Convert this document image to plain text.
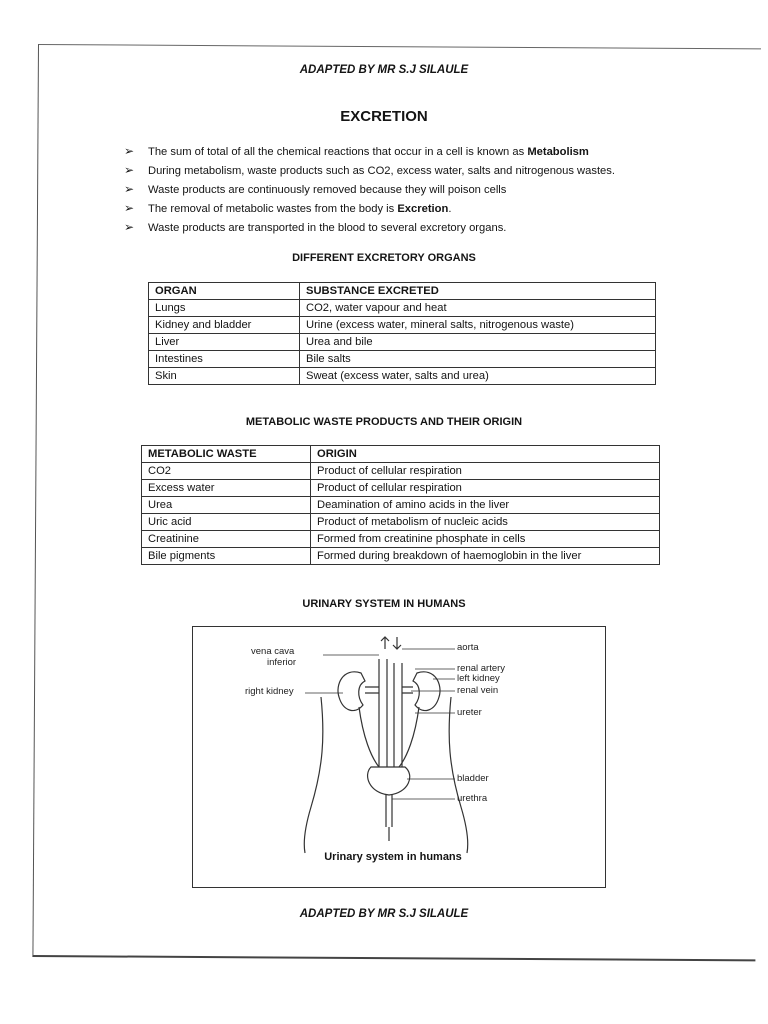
ADAPTED BY MR S.J SILAULE
EXCRETION
➢ The sum of total of all the chemical reactions that occur in a cell is known as Metabolism
➢ During metabolism, waste products such as CO2, excess water, salts and nitrogenous wastes.
➢ Waste products are continuously removed because they will poison cells
➢ The removal of metabolic wastes from the body is Excretion.
➢ Waste products are transported in the blood to several excretory organs.
DIFFERENT EXCRETORY ORGANS
ORGAN	SUBSTANCE EXCRETED
Lungs	CO2, water vapour and heat
Kidney and bladder	Urine (excess water, mineral salts, nitrogenous waste)
Liver	Urea and bile
Intestines	Bile salts
Skin	Sweat (excess water, salts and urea)
METABOLIC WASTE PRODUCTS AND THEIR ORIGIN
METABOLIC WASTE	ORIGIN
CO2	Product of cellular respiration
Excess water	Product of cellular respiration
Urea	Deamination of amino acids in the liver
Uric acid	Product of metabolism of nucleic acids
Creatinine	Formed from creatinine phosphate in cells
Bile pigments	Formed during breakdown of haemoglobin in the liver
URINARY SYSTEM IN HUMANS
vena cava
inferior
right kidney
aorta
renal artery
left kidney
renal vein
ureter
bladder
urethra
Urinary system in humans
ADAPTED BY MR S.J SILAULE
